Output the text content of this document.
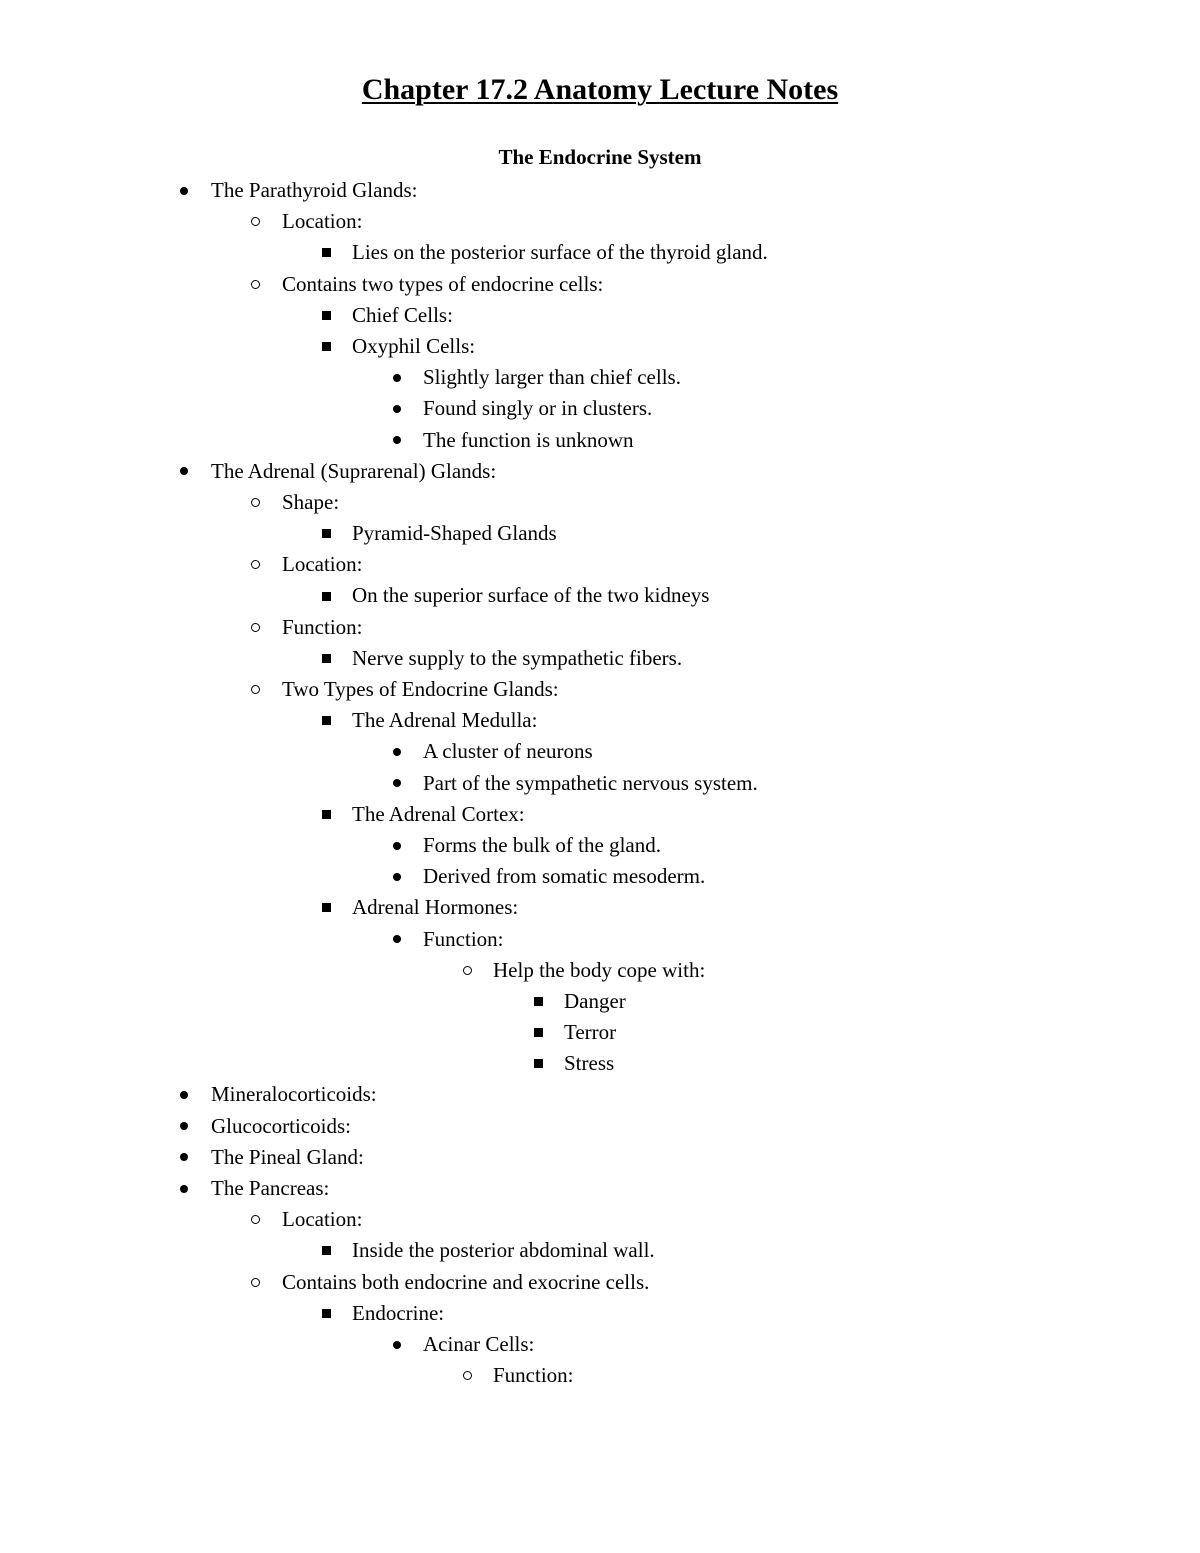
Chapter 17.2 Anatomy Lecture Notes
The Endocrine System
The Parathyroid Glands:
Location:
Lies on the posterior surface of the thyroid gland.
Contains two types of endocrine cells:
Chief Cells:
Oxyphil Cells:
Slightly larger than chief cells.
Found singly or in clusters.
The function is unknown
The Adrenal (Suprarenal) Glands:
Shape:
Pyramid-Shaped Glands
Location:
On the superior surface of the two kidneys
Function:
Nerve supply to the sympathetic fibers.
Two Types of Endocrine Glands:
The Adrenal Medulla:
A cluster of neurons
Part of the sympathetic nervous system.
The Adrenal Cortex:
Forms the bulk of the gland.
Derived from somatic mesoderm.
Adrenal Hormones:
Function:
Help the body cope with:
Danger
Terror
Stress
Mineralocorticoids:
Glucocorticoids:
The Pineal Gland:
The Pancreas:
Location:
Inside the posterior abdominal wall.
Contains both endocrine and exocrine cells.
Endocrine:
Acinar Cells:
Function:
